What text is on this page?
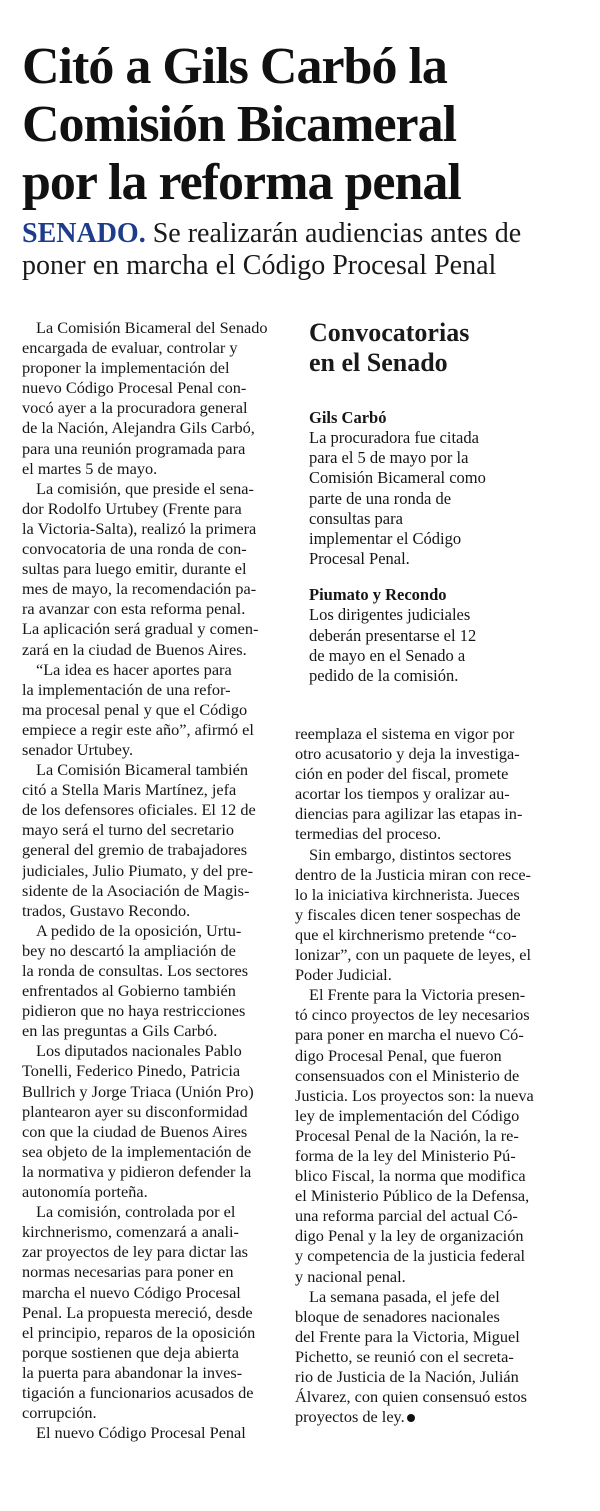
Citó a Gils Carbó la
Comisión Bicameral
por la reforma penal
SENADO. Se realizarán audiencias antes de
poner en marcha el Código Procesal Penal

La Comisión Bicameral del Senado
encargada de evaluar, controlar y
proponer la implementación del
nuevo Código Procesal Penal con-
vocó ayer a la procuradora general
de la Nación, Alejandra Gils Carbó,
para una reunión programada para
el martes 5 de mayo.

La comisión, que preside el sena-
dor Rodolfo Urtubey (Frente para
la Victoria-Salta), realizó la primera
convocatoria de una ronda de con-
sultas para luego emitir, durante el
mes de mayo, la recomendación pa-
ra avanzar con esta reforma penal.
La aplicación será gradual y comen-
zará en la ciudad de Buenos Aires.

“La idea es hacer aportes para
la implementación de una refor-
ma procesal penal y que el Código
empiece a regir este año”, afirmó el
senador Urtubey.

La Comisión Bicameral también
citó a Stella Maris Martínez, jefa
de los defensores oficiales. El 12 de
mayo será el turno del secretario
general del gremio de trabajadores
judiciales, Julio Piumato, y del pre-
sidente de la Asociación de Magis-
trados, Gustavo Recondo.

A pedido de la oposición, Urtu-
bey no descartó la ampliación de
la ronda de consultas. Los sectores
enfrentados al Gobierno también
pidieron que no haya restricciones
en las preguntas a Gils Carbó.

Los diputados nacionales Pablo
Tonelli, Federico Pinedo, Patricia
Bullrich y Jorge Triaca (Unión Pro)
plantearon ayer su disconformidad
con que la ciudad de Buenos Aires
sea objeto de la implementación de
la normativa y pidieron defender la
autonomía porteña.

La comisión, controlada por el
kirchnerismo, comenzará a anali-
zar proyectos de ley para dictar las
normas necesarias para poner en
marcha el nuevo Código Procesal
Penal. La propuesta mereció, desde
el principio, reparos de la oposición
porque sostienen que deja abierta
la puerta para abandonar la inves-
tigación a funcionarios acusados de
corrupción.

El nuevo Código Procesal Penal

Convocatorias
en el Senado
Gils Carbó

La procuradora fue citada
para el 5 de mayo por la
Comisión Bicameral como
parte de una ronda de
consultas para
implementar el Código
Procesal Penal.

Piumato y Recondo

Los dirigentes judiciales
deberán presentarse el 12
de mayo en el Senado a
pedido de la comisión.

reemplaza el sistema en vigor por
otro acusatorio y deja la investiga-
ción en poder del fiscal, promete
acortar los tiempos y oralizar au-
diencias para agilizar las etapas in-
termedias del proceso.

Sin embargo, distintos sectores
dentro de la Justicia miran con rece-
lo la iniciativa kirchnerista. Jueces
y fiscales dicen tener sospechas de
que el kirchnerismo pretende “co-
lonizar”, con un paquete de leyes, el
Poder Judicial.

El Frente para la Victoria presen-
tó cinco proyectos de ley necesarios
para poner en marcha el nuevo Có-
digo Procesal Penal, que fueron
consensuados con el Ministerio de
Justicia. Los proyectos son: la nueva
ley de implementación del Código
Procesal Penal de la Nación, la re-
forma de la ley del Ministerio Pú-
blico Fiscal, la norma que modifica
el Ministerio Público de la Defensa,
una reforma parcial del actual Có-
digo Penal y la ley de organización
y competencia de la justicia federal
y nacional penal.

La semana pasada, el jefe del
bloque de senadores nacionales
del Frente para la Victoria, Miguel
Pichetto, se reunió con el secreta-
rio de Justicia de la Nación, Julián
Álvarez, con quien consensuó estos
proyectos de ley.
